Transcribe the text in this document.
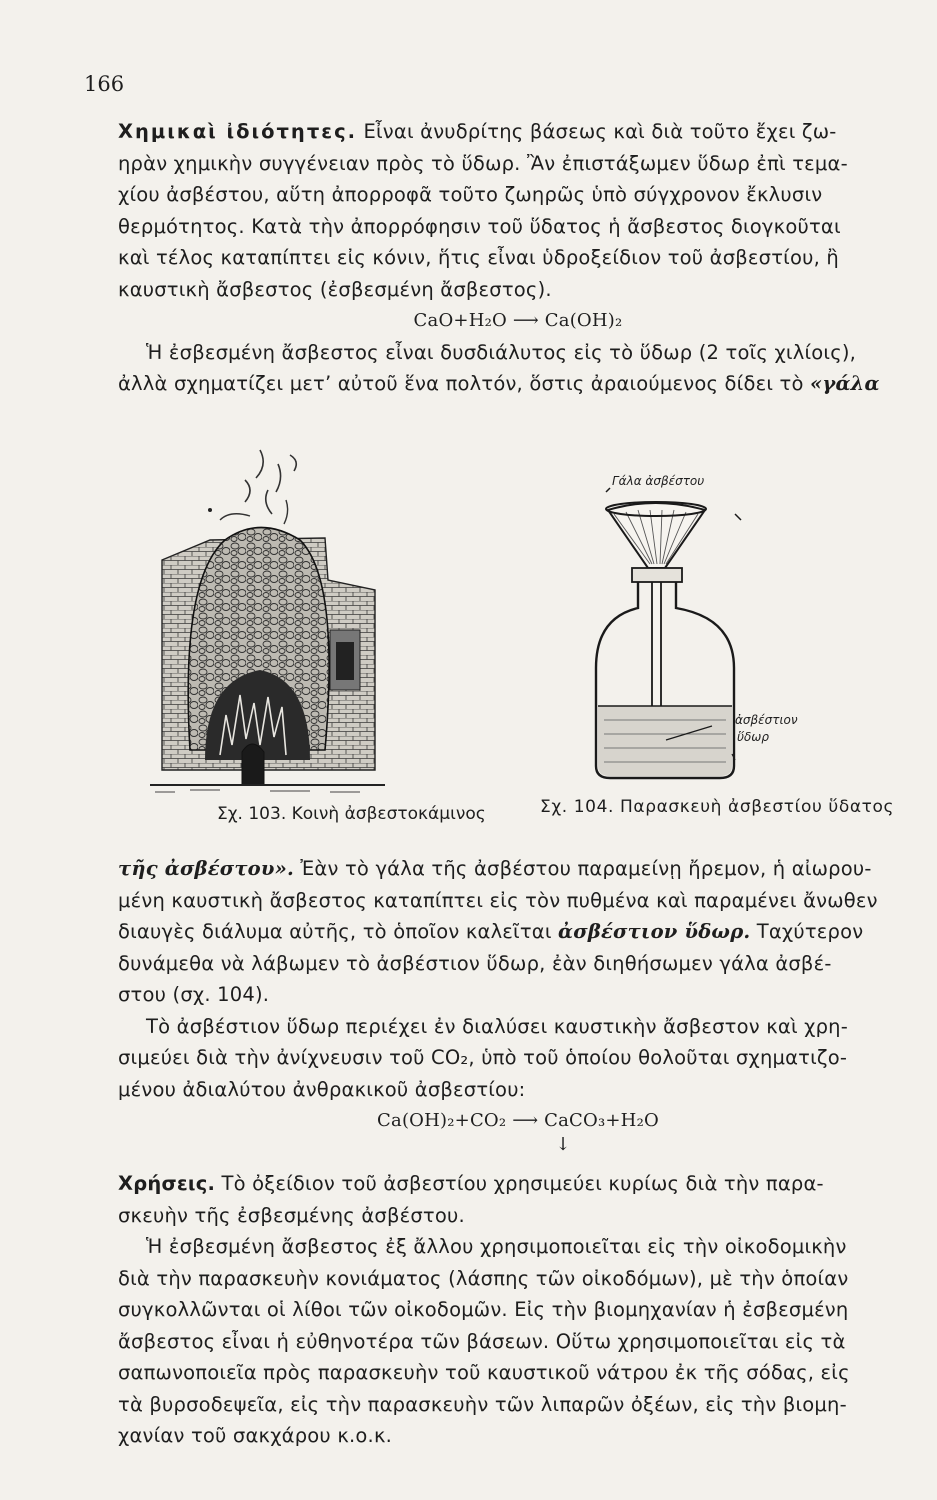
166
Χημικαὶ ἰδιότητες. Εἶναι ἀνυδρίτης βάσεως καὶ διὰ τοῦτο ἔχει ζω-
ηρὰν χημικὴν συγγένειαν πρὸς τὸ ὕδωρ. Ἂν ἐπιστάξωμεν ὕδωρ ἐπὶ τεμα-
χίου ἀσβέστου, αὕτη ἀπορροφᾶ τοῦτο ζωηρῶς ὑπὸ σύγχρονον ἔκλυσιν
θερμότητος. Κατὰ τὴν ἀπορρόφησιν τοῦ ὕδατος ἡ ἄσβεστος διογκοῦται
καὶ τέλος καταπίπτει εἰς κόνιν, ἥτις εἶναι ὑδροξείδιον τοῦ ἀσβεστίου, ἢ
καυστικὴ ἄσβεστος (ἐσβεσμένη ἄσβεστος).
CaO+H₂O ⟶ Ca(OH)₂
Ἡ ἐσβεσμένη ἄσβεστος εἶναι δυσδιάλυτος εἰς τὸ ὕδωρ (2 τοῖς χιλίοις),
ἀλλὰ σχηματίζει μετ’ αὐτοῦ ἕνα πολτόν, ὅστις ἀραιούμενος δίδει τὸ «γάλα
Σχ. 103. Κοινὴ ἀσβεστοκάμινος
Γάλα ἀσβέστου
ἀσβέστιον
ὕδωρ
Σχ. 104. Παρασκευὴ ἀσβεστίου ὕδατος
τῆς ἀσβέστου». Ἐὰν τὸ γάλα τῆς ἀσβέστου παραμείνῃ ἤρεμον, ἡ αἰωρου-
μένη καυστικὴ ἄσβεστος καταπίπτει εἰς τὸν πυθμένα καὶ παραμένει ἄνωθεν
διαυγὲς διάλυμα αὐτῆς, τὸ ὁποῖον καλεῖται ἀσβέστιον ὕδωρ. Ταχύτερον
δυνάμεθα νὰ λάβωμεν τὸ ἀσβέστιον ὕδωρ, ἐὰν διηθήσωμεν γάλα ἀσβέ-
στου (σχ. 104).
Τὸ ἀσβέστιον ὕδωρ περιέχει ἐν διαλύσει καυστικὴν ἄσβεστον καὶ χρη-
σιμεύει διὰ τὴν ἀνίχνευσιν τοῦ CO₂, ὑπὸ τοῦ ὁποίου θολοῦται σχηματιζο-
μένου ἀδιαλύτου ἀνθρακικοῦ ἀσβεστίου:
Ca(OH)₂+CO₂ ⟶ CaCO₃+H₂O
↓
Χρήσεις. Τὸ ὀξείδιον τοῦ ἀσβεστίου χρησιμεύει κυρίως διὰ τὴν παρα-
σκευὴν τῆς ἐσβεσμένης ἀσβέστου.
Ἡ ἐσβεσμένη ἄσβεστος ἐξ ἄλλου χρησιμοποιεῖται εἰς τὴν οἰκοδομικὴν
διὰ τὴν παρασκευὴν κονιάματος (λάσπης τῶν οἰκοδόμων), μὲ τὴν ὁποίαν
συγκολλῶνται οἱ λίθοι τῶν οἰκοδομῶν. Εἰς τὴν βιομηχανίαν ἡ ἐσβεσμένη
ἄσβεστος εἶναι ἡ εὐθηνοτέρα τῶν βάσεων. Οὕτω χρησιμοποιεῖται εἰς τὰ
σαπωνοποιεῖα πρὸς παρασκευὴν τοῦ καυστικοῦ νάτρου ἐκ τῆς σόδας, εἰς
τὰ βυρσοδεψεῖα, εἰς τὴν παρασκευὴν τῶν λιπαρῶν ὀξέων, εἰς τὴν βιομη-
χανίαν τοῦ σακχάρου κ.ο.κ.
